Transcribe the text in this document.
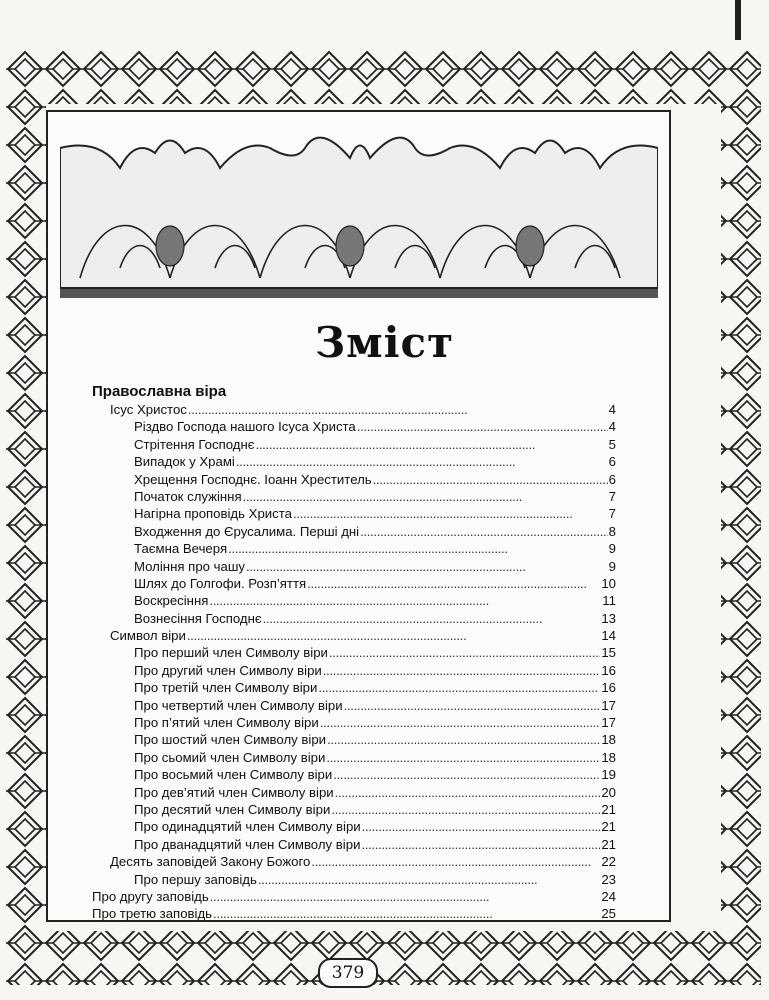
Зміст
Православна віра
Ісус Христос . . .	4
Різдво Господа нашого Ісуса Христа . . .	4
Стрітення Господнє . . .	5
Випадок у Храмі . . .	6
Хрещення Господнє. Іоанн Хреститель . . .	6
Початок служіння . . .	7
Нагірна проповідь Христа . . .	7
Входження до Єрусалима. Перші дні . . .	8
Таємна Вечеря . . .	9
Моління про чашу . . .	9
Шлях до Голгофи. Розп’яття . . .	10
Воскресіння . . .	11
Вознесіння Господнє . . .	13
Символ віри . . .	14
Про перший член Символу віри . . .	15
Про другий член Символу віри . . .	16
Про третій член Символу віри . . .	16
Про четвертий член Символу віри . . .	17
Про п’ятий член Символу віри . . .	17
Про шостий член Символу віри . . .	18
Про сьомий член Символу віри . . .	18
Про восьмий член Символу віри . . .	19
Про дев’ятий член Символу віри . . .	20
Про десятий член Символу віри . . .	21
Про одинадцятий член Символу віри . . .	21
Про дванадцятий член Символу віри . . .	21
Десять заповідей Закону Божого . . .	22
Про першу заповідь . . .	23
Про другу заповідь . . .	24
Про третю заповідь . . .	25
379
